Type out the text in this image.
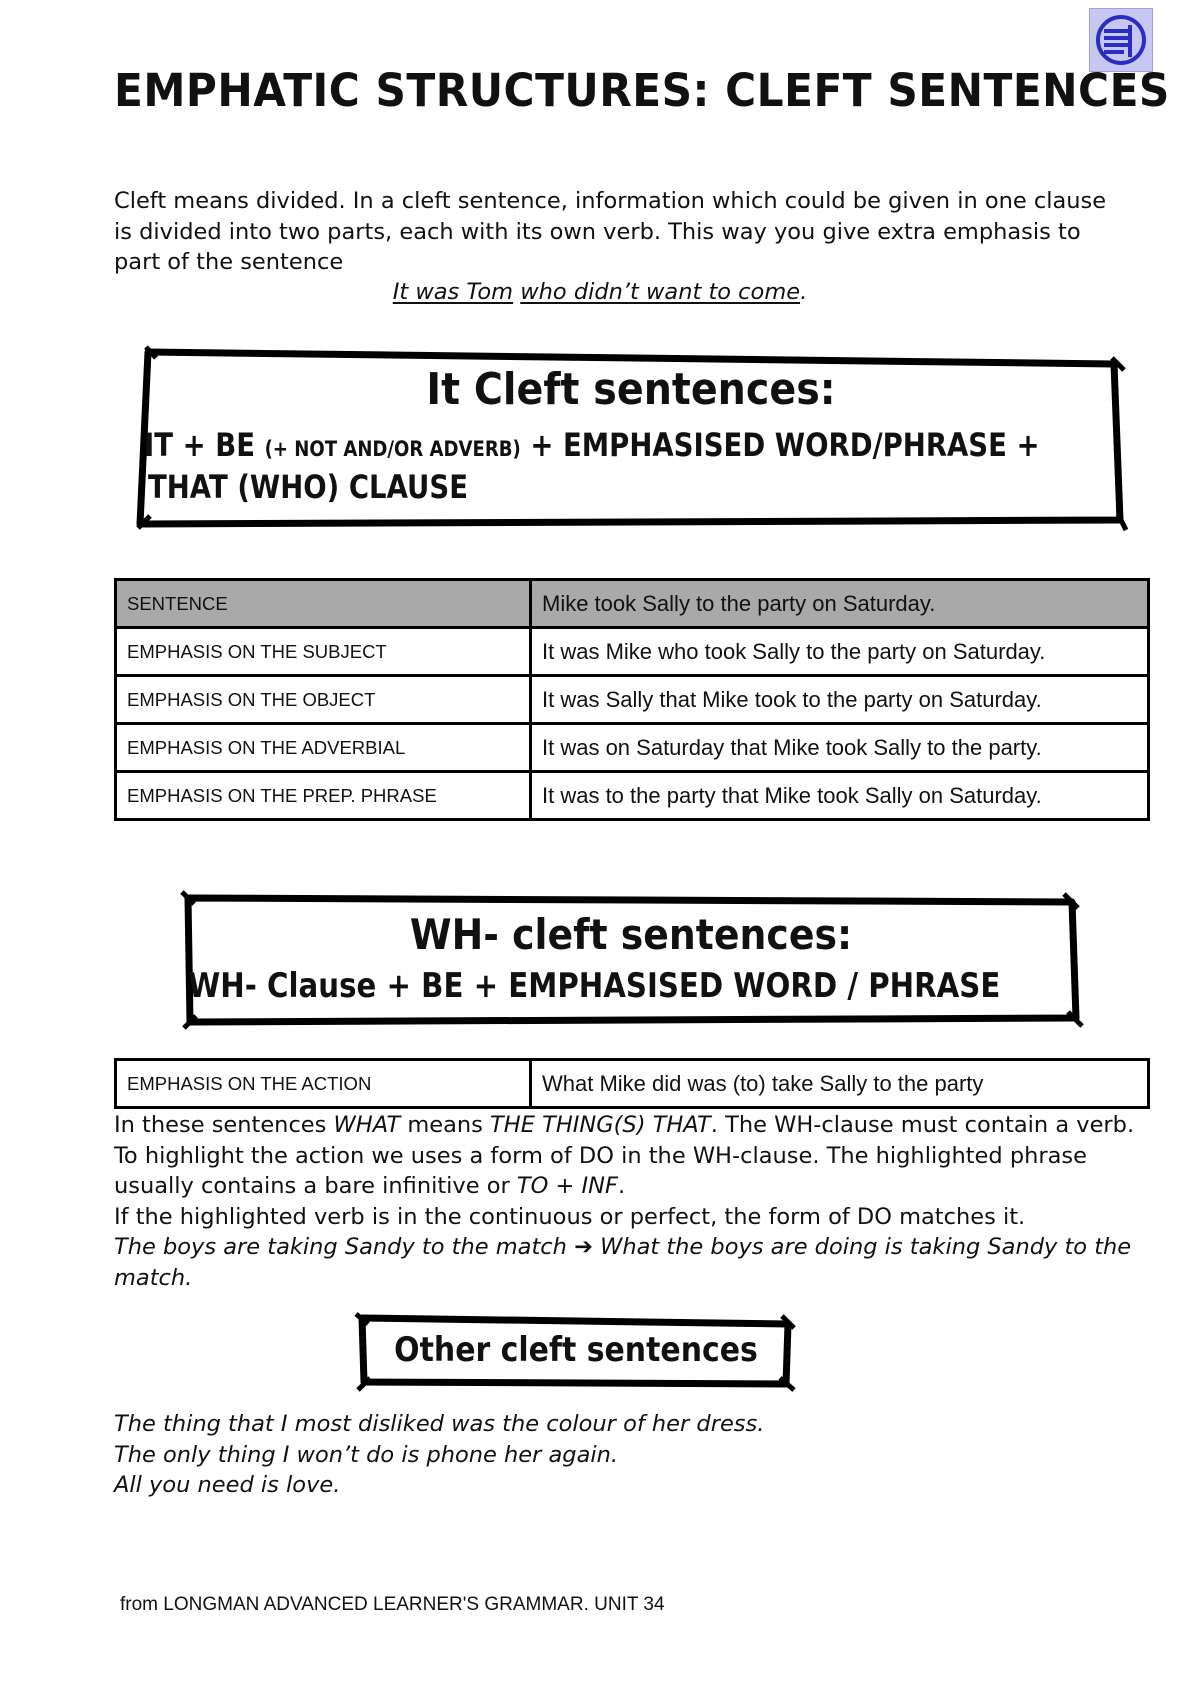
EMPHATIC STRUCTURES: CLEFT SENTENCES
Cleft means divided. In a cleft sentence, information which could be given in one clause is divided into two parts, each with its own verb. This way you give extra emphasis to part of the sentence
It was Tom who didn’t want to come.
It Cleft sentences:
IT + BE (+ NOT AND/OR ADVERB) + EMPHASISED WORD/PHRASE +
THAT (WHO) CLAUSE
SENTENCE	Mike took Sally to the party on Saturday.
EMPHASIS ON THE SUBJECT	It was Mike who took Sally to the party on Saturday.
EMPHASIS ON THE OBJECT	It was Sally that Mike took to the party on Saturday.
EMPHASIS ON THE ADVERBIAL	It was on Saturday that Mike took Sally to the party.
EMPHASIS ON THE PREP. PHRASE	It was to the party that Mike took Sally on Saturday.
WH- cleft sentences:
WH- Clause + BE + EMPHASISED WORD / PHRASE
EMPHASIS ON THE ACTION	What Mike did was (to) take Sally to the party
In these sentences WHAT means THE THING(S) THAT. The WH-clause must contain a verb. To highlight the action we uses a form of DO in the WH-clause. The highlighted phrase usually contains a bare infinitive or TO + INF.
If the highlighted verb is in the continuous or perfect, the form of DO matches it.
The boys are taking Sandy to the match ➔ What the boys are doing is taking Sandy to the match.
Other cleft sentences
The thing that I most disliked was the colour of her dress.
The only thing I won’t do is phone her again.
All you need is love.
from LONGMAN ADVANCED LEARNER'S GRAMMAR. UNIT 34
